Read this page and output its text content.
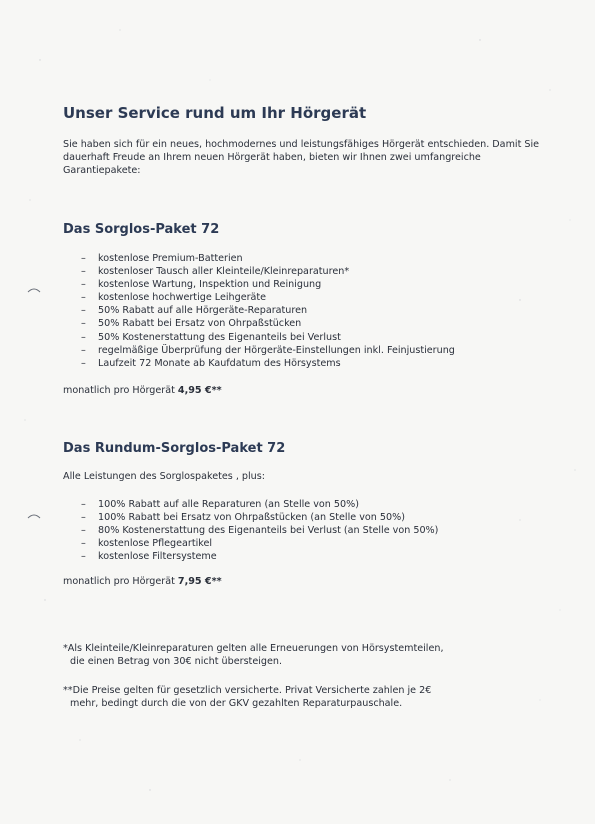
Unser Service rund um Ihr Hörgerät

Sie haben sich für ein neues, hochmodernes und leistungsfähiges Hörgerät entschieden. Damit Sie dauerhaft Freude an Ihrem neuen Hörgerät haben, bieten wir Ihnen zwei umfangreiche Garantiepakete:

Das Sorglos-Paket 72
– kostenlose Premium-Batterien
– kostenloser Tausch aller Kleinteile/Kleinreparaturen*
– kostenlose Wartung, Inspektion und Reinigung
– kostenlose hochwertige Leihgeräte
– 50% Rabatt auf alle Hörgeräte-Reparaturen
– 50% Rabatt bei Ersatz von Ohrpaßstücken
– 50% Kostenerstattung des Eigenanteils bei Verlust
– regelmäßige Überprüfung der Hörgeräte-Einstellungen inkl. Feinjustierung
– Laufzeit 72 Monate ab Kaufdatum des Hörsystems

monatlich pro Hörgerät 4,95 €**

Das Rundum-Sorglos-Paket 72

Alle Leistungen des Sorglospaketes , plus:

– 100% Rabatt auf alle Reparaturen (an Stelle von 50%)
– 100% Rabatt bei Ersatz von Ohrpaßstücken (an Stelle von 50%)
– 80% Kostenerstattung des Eigenanteils bei Verlust (an Stelle von 50%)
– kostenlose Pflegeartikel
– kostenlose Filtersysteme

monatlich pro Hörgerät 7,95 €**

*Als Kleinteile/Kleinreparaturen gelten alle Erneuerungen von Hörsystemteilen,
die einen Betrag von 30€ nicht übersteigen.

**Die Preise gelten für gesetzlich versicherte. Privat Versicherte zahlen je 2€
mehr, bedingt durch die von der GKV gezahlten Reparaturpauschale.
